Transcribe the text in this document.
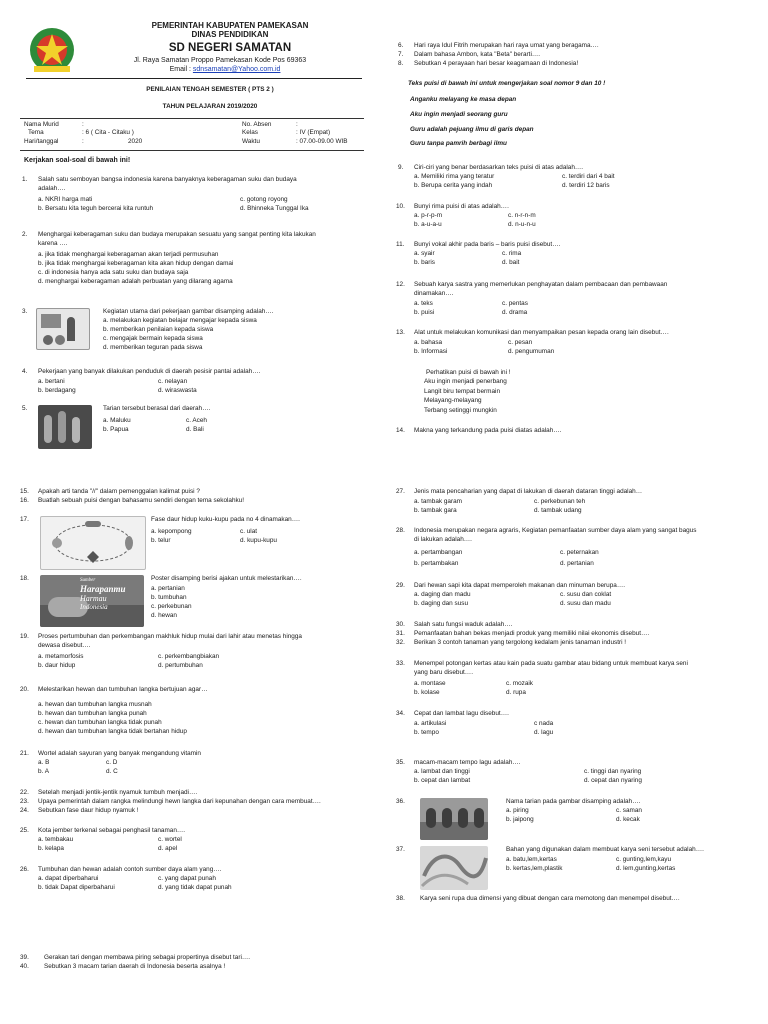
PEMERINTAH KABUPATEN PAMEKASAN
DINAS PENDIDIKAN
SD NEGERI SAMATAN
Jl. Raya Samatan Proppo Pamekasan Kode Pos 69363
Email : sdnsamatan@Yahoo.com.id
PENILAIAN TENGAH SEMESTER ( PTS 2 )
TAHUN PELAJARAN 2019/2020
Nama Murid	:
Tema	: 6 ( Cita - Citaku )
Hari/tanggal	:	2020
No. Absen	:
Kelas	: IV (Empat)
Waktu	: 07.00-09.00 WIB
Kerjakan soal-soal di bawah ini!
1. Salah satu semboyan bangsa indonesia karena banyaknya keberagaman suku dan budaya
adalah….
a. NKRI harga mati
b. Bersatu kita teguh bercerai kita runtuh
c. gotong royong
d. Bhinneka Tunggal Ika
2. Menghargai keberagaman suku dan budaya merupakan sesuatu yang sangat penting kita lakukan
karena ….
a. jika tidak menghargai keberagaman akan terjadi permusuhan
b. jika tidak menghargai keberagaman kita akan hidup dengan damai
c. di indonesia hanya ada satu suku dan budaya saja
d. menghargai keberagaman adalah perbuatan yang dilarang agama
3.	Kegiatan utama dari pekerjaan gambar disamping adalah….
a. melakukan kegiatan belajar mengajar kepada siswa
b. memberikan penilaian kepada siswa
c. mengajak bermain kepada siswa
d. memberikan teguran pada siswa
4. Pekerjaan yang banyak dilakukan penduduk di daerah pesisir pantai adalah….
a. bertani
b. berdagang
c. nelayan
d. wiraswasta
5.	Tarian tersebut berasal dari daerah….
a. Maluku
b. Papua
c. Aceh
d. Bali
6. Hari raya Idul Fitrih merupakan hari raya umat yang beragama….
7. Dalam bahasa Ambon, kata "Beta" berarti….
8. Sebutkan 4 perayaan hari besar keagamaan di Indonesia!
Teks puisi di bawah ini untuk mengerjakan soal nomor 9 dan 10 !
Anganku melayang ke masa depan
Aku ingin menjadi seorang guru
Guru adalah pejuang ilmu di garis depan
Guru tanpa pamrih berbagi ilmu
9. Ciri-ciri yang benar berdasarkan teks puisi di atas adalah….
a. Memiliki rima yang teratur
b. Berupa cerita yang indah
c. terdiri dari 4 bait
d. terdiri 12 baris
10. Bunyi rima puisi di atas adalah….
a. p-r-p-m
b. a-u-a-u
c. n-r-n-m
d. n-u-n-u
11. Bunyi vokal akhir pada baris – baris puisi disebut….
a. syair
b. baris
c. rima
d. bait
12. Sebuah karya sastra yang memerlukan penghayatan dalam pembacaan dan pembawaan
dinamakan….
a. teks
b. puisi
c. pentas
d. drama
13. Alat untuk melakukan komunikasi dan menyampaikan pesan kepada orang lain disebut….
a. bahasa
b. Informasi
c. pesan
d. pengumuman
Perhatikan puisi di bawah ini !
Aku ingin menjadi penerbang
Langit biru tempat bermain
Melayang-melayang
Terbang setinggi mungkin
14. Makna yang terkandung pada puisi diatas adalah….
15. Apakah arti tanda "//" dalam pemenggalan kalimat puisi ?
16. Buatlah sebuah puisi dengan bahasamu sendiri dengan tema sekolahku!
17.	Fase daur hidup kuku-kupu pada no 4 dinamakan….
a. kepompong
b. telur
c. ulat
d. kupu-kupu
18.	Sumber
Harapanmu
Harmau
Indonesia
Poster disamping berisi ajakan untuk melestarikan….
a. pertanian
b. tumbuhan
c. perkebunan
d. hewan
19. Proses pertumbuhan dan perkembangan makhluk hidup mulai dari lahir atau menetas hingga
dewasa disebut….
a. metamorfosis
b. daur hidup
c. perkembangbiakan
d. pertumbuhan
20. Melestarikan hewan dan tumbuhan langka bertujuan agar…
a. hewan dan tumbuhan langka musnah
b. hewan dan tumbuhan langka punah
c. hewan dan tumbuhan langka tidak punah
d. hewan dan tumbuhan langka tidak bertahan hidup
21. Wortel adalah sayuran yang banyak mengandung vitamin
a. B
b. A
c. D
d. C
22. Setelah menjadi jentik-jentik nyamuk tumbuh menjadi….
23. Upaya pemerintah dalam rangka melindungi hewn langka dari kepunahan dengan cara membuat….
24. Sebutkan fase daur hidup nyamuk !
25. Kota jember terkenal sebagai penghasil tanaman….
a. tembakau
b. kelapa
c. wortel
d. apel
26. Tumbuhan dan hewan adalah contoh sumber daya alam yang….
a. dapat diperbaharui
b. tidak Dapat diperbaharui
c. yang dapat punah
d. yang tidak dapat punah
27. Jenis mata pencaharian yang dapat di lakukan di daerah dataran tinggi adalah…
a. tambak garam
b. tambak gara
c. perkebunan teh
d. tambak udang
28. Indonesia merupakan negara agraris, Kegiatan pemanfaatan sumber daya alam yang sangat bagus
di lakukan adalah….
a. pertambangan
b. pertambakan
c. peternakan
d. pertanian
29. Dari hewan sapi kita dapat memperoleh makanan dan minuman berupa….
a. daging dan madu
b. daging dan susu
c. susu dan coklat
d. susu dan madu
30. Salah satu fungsi waduk adalah….
31. Pemanfaatan bahan bekas menjadi produk yang memiliki nilai ekonomis disebut….
32. Berikan 3 contoh tanaman yang tergolong kedalam jenis tanaman industri !
33. Menempel potongan kertas atau kain pada suatu gambar atau bidang untuk membuat karya seni
yang baru disebut….
a. montase
b. kolase
c. mozaik
d. rupa
34. Cepat dan lambat lagu disebut….
a. artikulasi
b. tempo
c nada
d. lagu
35. macam-macam tempo lagu adalah….
a. lambat dan tinggi
b. cepat dan lambat
c. tinggi dan nyaring
d. cepat dan nyaring
36.	Nama tarian pada gambar disamping adalah….
a. piring
b. jaipong
c. saman
d. kecak
37.	Bahan yang digunakan dalam membuat karya seni tersebut adalah….
a. batu,lem,kertas
b. kertas,lem,plastik
c. gunting,lem,kayu
d. lem,gunting,kertas
38. Karya seni rupa dua dimensi yang dibuat dengan cara memotong dan menempel disebut….
39. Gerakan tari dengan membawa piring sebagai propertinya disebut tari….
40. Sebutkan 3 macam tarian daerah di Indonesia beserta asalnya !
